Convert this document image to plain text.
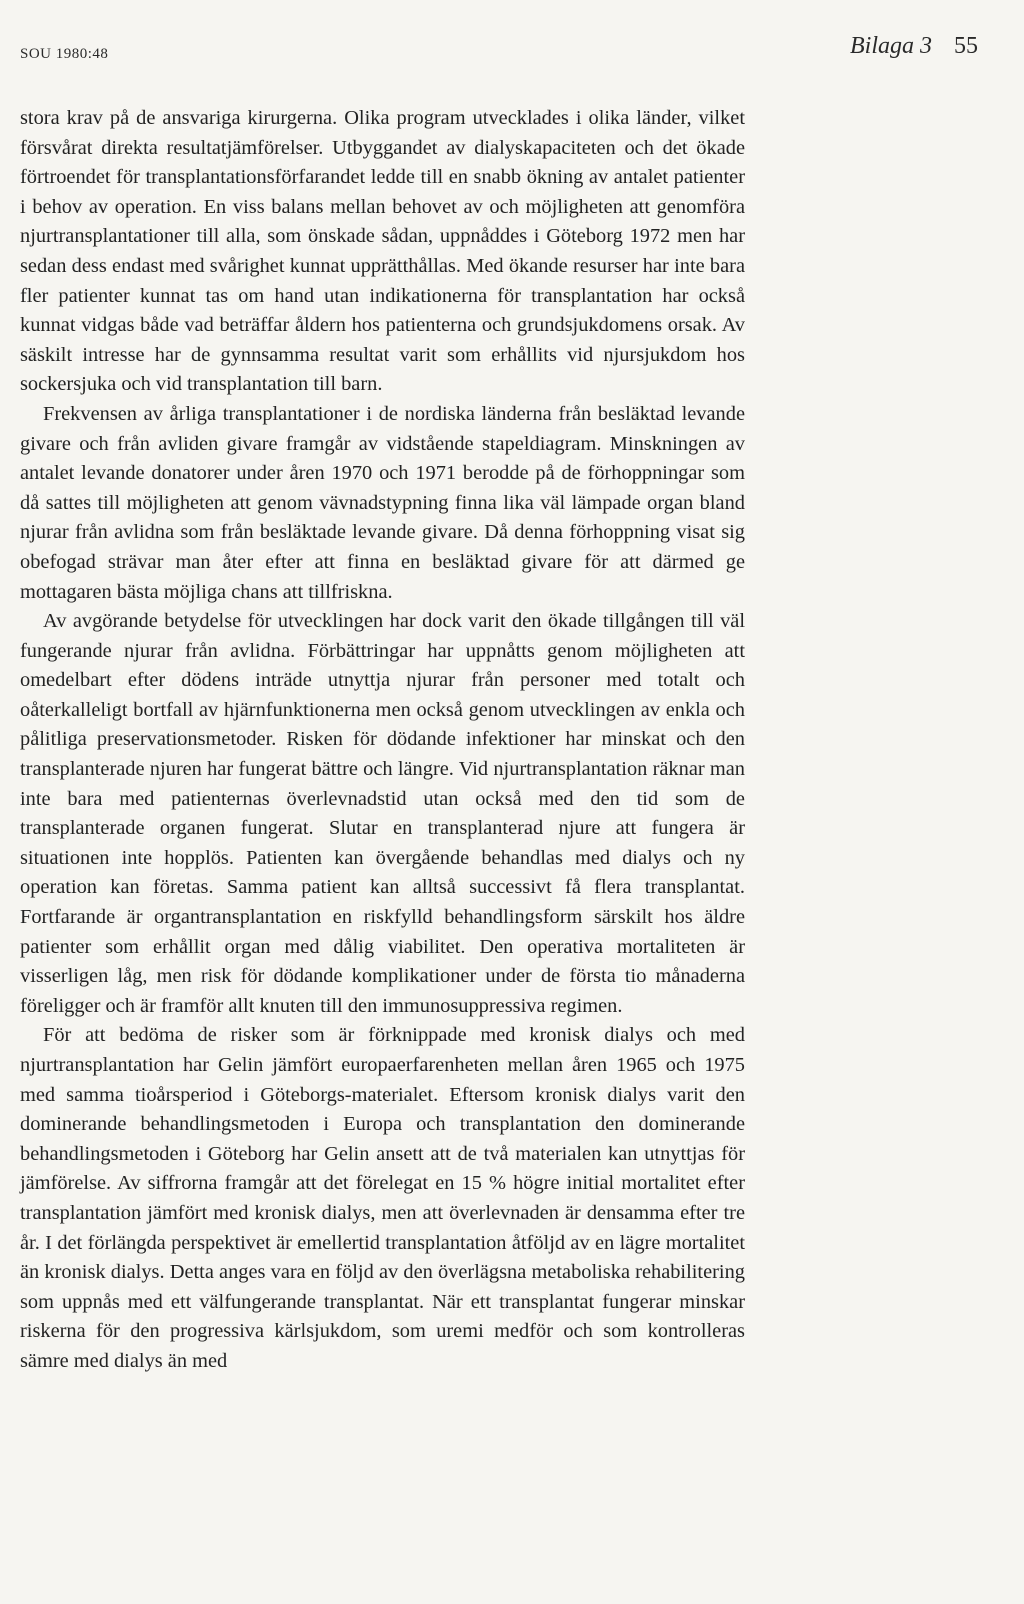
SOU 1980:48	Bilaga 3 55

stora krav på de ansvariga kirurgerna. Olika program utvecklades i olika länder, vilket försvårat direkta resultatjämförelser. Utbyggandet av dialyskapaciteten och det ökade förtroendet för transplantationsförfarandet ledde till en snabb ökning av antalet patienter i behov av operation. En viss balans mellan behovet av och möjligheten att genomföra njurtransplantationer till alla, som önskade sådan, uppnåddes i Göteborg 1972 men har sedan dess endast med svårighet kunnat upprätthållas. Med ökande resurser har inte bara fler patienter kunnat tas om hand utan indikationerna för transplantation har också kunnat vidgas både vad beträffar åldern hos patienterna och grundsjukdomens orsak. Av säskilt intresse har de gynnsamma resultat varit som erhållits vid njursjukdom hos sockersjuka och vid transplantation till barn.

Frekvensen av årliga transplantationer i de nordiska länderna från besläktad levande givare och från avliden givare framgår av vidstående stapeldiagram. Minskningen av antalet levande donatorer under åren 1970 och 1971 berodde på de förhoppningar som då sattes till möjligheten att genom vävnadstypning finna lika väl lämpade organ bland njurar från avlidna som från besläktade levande givare. Då denna förhoppning visat sig obefogad strävar man åter efter att finna en besläktad givare för att därmed ge mottagaren bästa möjliga chans att tillfriskna.

Av avgörande betydelse för utvecklingen har dock varit den ökade tillgången till väl fungerande njurar från avlidna. Förbättringar har uppnåtts genom möjligheten att omedelbart efter dödens inträde utnyttja njurar från personer med totalt och oåterkalleligt bortfall av hjärnfunktionerna men också genom utvecklingen av enkla och pålitliga preservationsmetoder. Risken för dödande infektioner har minskat och den transplanterade njuren har fungerat bättre och längre. Vid njurtransplantation räknar man inte bara med patienternas överlevnadstid utan också med den tid som de transplanterade organen fungerat. Slutar en transplanterad njure att fungera är situationen inte hopplös. Patienten kan övergående behandlas med dialys och ny operation kan företas. Samma patient kan alltså successivt få flera transplantat. Fortfarande är organtransplantation en riskfylld behandlingsform särskilt hos äldre patienter som erhållit organ med dålig viabilitet. Den operativa mortaliteten är visserligen låg, men risk för dödande komplikationer under de första tio månaderna föreligger och är framför allt knuten till den immunosuppressiva regimen.

För att bedöma de risker som är förknippade med kronisk dialys och med njurtransplantation har Gelin jämfört europaerfarenheten mellan åren 1965 och 1975 med samma tioårsperiod i Göteborgs-materialet. Eftersom kronisk dialys varit den dominerande behandlingsmetoden i Europa och transplantation den dominerande behandlingsmetoden i Göteborg har Gelin ansett att de två materialen kan utnyttjas för jämförelse. Av siffrorna framgår att det förelegat en 15 % högre initial mortalitet efter transplantation jämfört med kronisk dialys, men att överlevnaden är densamma efter tre år. I det förlängda perspektivet är emellertid transplantation åtföljd av en lägre mortalitet än kronisk dialys. Detta anges vara en följd av den överlägsna metaboliska rehabilitering som uppnås med ett välfungerande transplantat. När ett transplantat fungerar minskar riskerna för den progressiva kärlsjukdom, som uremi medför och som kontrolleras sämre med dialys än med
